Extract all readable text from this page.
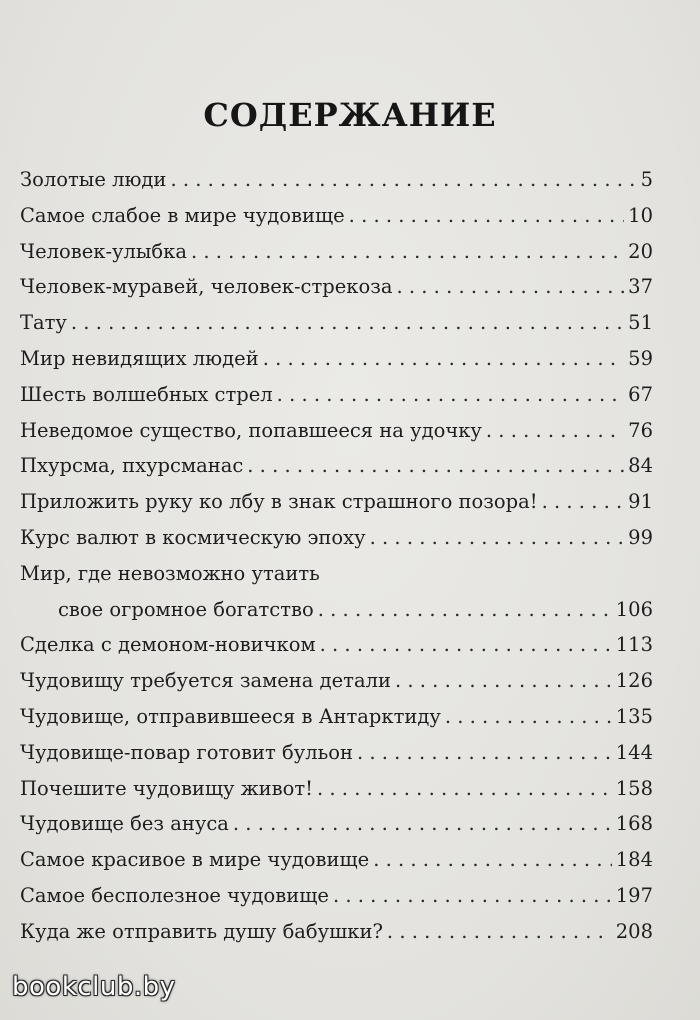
СОДЕРЖАНИЕ
Золотые люди . . .	5
Самое слабое в мире чудовище . . .	10
Человек-улыбка . . .	20
Человек-муравей, человек-стрекоза . . .	37
Тату . . .	51
Мир невидящих людей . . .	59
Шесть волшебных стрел . . .	67
Неведомое существо, попавшееся на удочку . . .	76
Пхурсма, пхурсманас . . .	84
Приложить руку ко лбу в знак страшного позора! . . .	91
Курс валют в космическую эпоху . . .	99
Мир, где невозможно утаить
свое огромное богатство . . .	106
Сделка с демоном-новичком . . .	113
Чудовищу требуется замена детали . . .	126
Чудовище, отправившееся в Антарктиду . . .	135
Чудовище-повар готовит бульон . . .	144
Почешите чудовищу живот! . . .	158
Чудовище без ануса . . .	168
Самое красивое в мире чудовище . . .	184
Самое бесполезное чудовище . . .	197
Куда же отправить душу бабушки? . . .	208
bookclub.by
